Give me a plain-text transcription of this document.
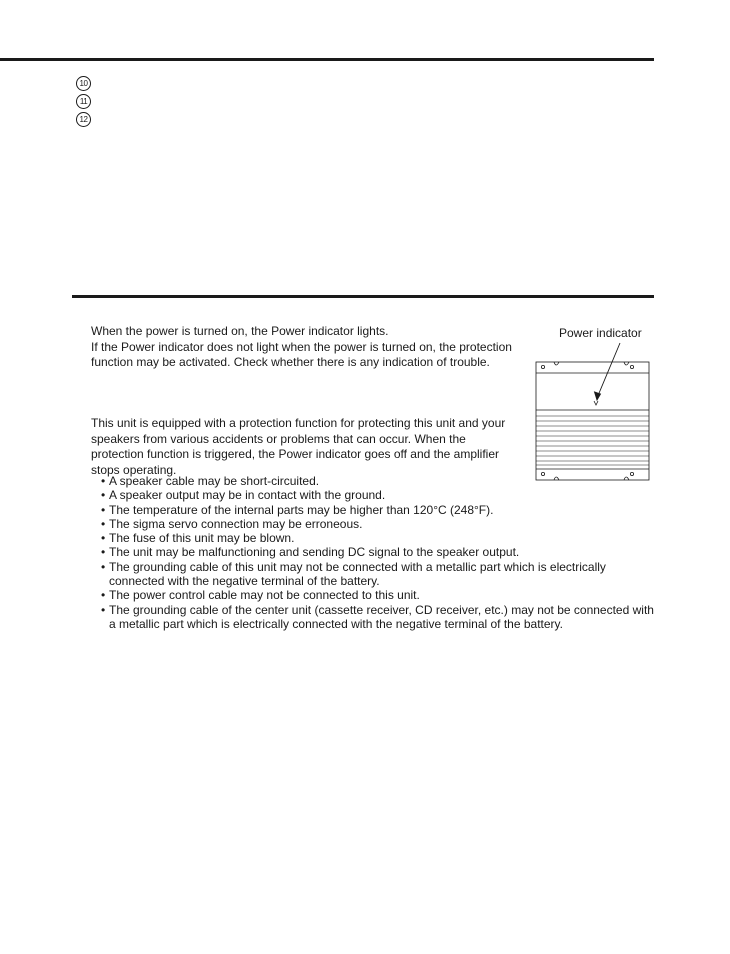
10
11
12

When the power is turned on, the Power indicator lights.

If the Power indicator does not light when the power is turned on, the protection function may be activated. Check whether there is any indication of trouble.

This unit is equipped with a protection function for protecting this unit and your speakers from various accidents or problems that can occur. When the protection function is triggered, the Power indicator goes off and the amplifier stops operating.

• A speaker cable may be short-circuited.
• A speaker output may be in contact with the ground.
• The temperature of the internal parts may be higher than 120°C (248°F).
• The sigma servo connection may be erroneous.
• The fuse of this unit may be blown.
• The unit may be malfunctioning and sending DC signal to the speaker output.
• The grounding cable of this unit may not be connected with a metallic part which is electrically connected with the negative terminal of the battery.
• The power control cable may not be connected to this unit.
• The grounding cable of the center unit (cassette receiver, CD receiver, etc.) may not be connected with a metallic part which is electrically connected with the negative terminal of the battery.
Power indicator
